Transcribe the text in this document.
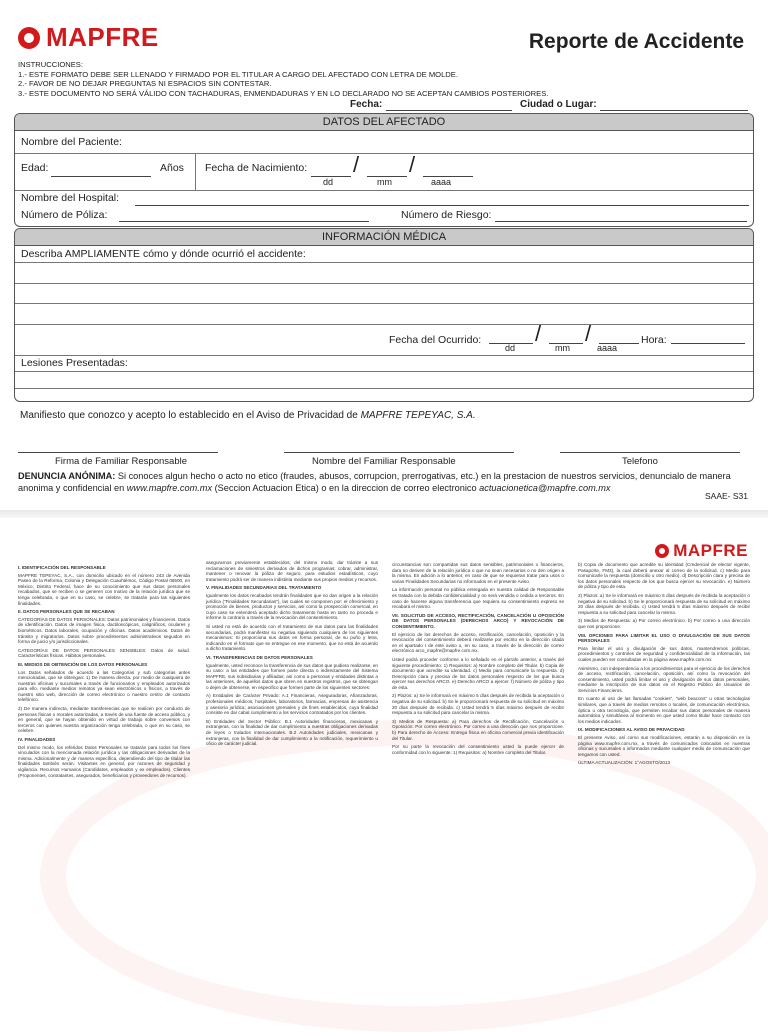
MAPFRE	Reporte de Accidente
INSTRUCCIONES:
1.- ESTE FORMATO DEBE SER LLENADO Y FIRMADO POR EL TITULAR A CARGO DEL AFECTADO CON LETRA DE MOLDE.
2.- FAVOR DE NO DEJAR PREGUNTAS NI ESPACIOS SIN CONTESTAR.
3.- ESTE DOCUMENTO NO SERÁ VÁLIDO CON TACHADURAS, ENMENDADURAS Y EN LO DECLARADO NO SE ACEPTAN CAMBIOS POSTERIORES.
Fecha:	Ciudad o Lugar:
DATOS DEL AFECTADO
Nombre del Paciente:
Edad:	Años Fecha de Nacimiento: / /
dd	mm	aaaa
Nombre del Hospital:
Número de Póliza:	Número de Riesgo:
INFORMACIÓN MÉDICA
Describa AMPLIAMENTE cómo y dónde ocurrió el accidente:
Fecha del Ocurrido: / /
dd	mm	aaaa
Hora:
Lesiones Presentadas:
Manifiesto que conozco y acepto lo establecido en el Aviso de Privacidad de MAPFRE TEPEYAC, S.A.
Firma de Familiar Responsable	Nombre del Familiar Responsable	Telefono
DENUNCIA ANÓNIMA: Si conoces algun hecho o acto no etico (fraudes, abusos, corrupcion, prerrogativas, etc.) en la prestacion de nuestros servicios, denuncialo de manera anonima y confidencial en www.mapfre.com.mx (Seccion Actuacion Etica) o en la direccion de correo electronico actuacionetica@mapfre.com.mx
SAAE- S31
MAPFRE
I. IDENTIFICACIÓN DEL RESPONSABLE

MAPFRE TEPEYAC, S.A., con domicilio ubicado en el número 243 de Avenida Paseo de la Reforma, Colonia y Delegación Cuauhtémoc, Código Postal 06500, en México, Distrito Federal, hace de su conocimiento que sus datos personales recabados, que se reciben o se generen con motivo de la relación jurídica que se tenga celebrada, o que en su caso, se celebre, se tratarán para las siguientes finalidades.

II. DATOS PERSONALES QUE SE RECABAN

CATEGORÍAS DE DATOS PERSONALES: Datos patrimoniales y financieros. Datos de identificación. Datos de imagen fisica, dactiloscópicos, caligráficos, oculares y biométricos. Datos laborales, ocupación y oficinas. Datos académicos. Datos de tránsito y migratorios. Datos sobre procedimientos administrativos seguidos en forma de juicio y/o jurisdiccionales.

CATEGORÍAS DE DATOS PERSONALES SENSIBLES: Datos de salud. Características físicas. Hábitos personales.

III. MEDIOS DE OBTENCIÓN DE LOS DATOS PERSONALES

Los Datos señalados de acuerdo a las Categorías y sub categorías antes mencionadas, que se obtengan: 1) De manera directa, por medio de cualquiera de nuestras oficinas y sucursales a través de funcionarios y empleados autorizados para ello, mediante medios remotos ya sean electrónicos o físicos, a través de nuestro sitio web, dirección de correo electrónico o nuestro centro de contacto telefónico.

2) De manera indirecta, mediante transferencias que se realicen por conducto de personas físicas o morales autorizadas, a través de una fuente de acceso público, y en general, que se hayan obtenido en virtud de trabajo sobre convenios con terceros con quienes nuestra organización tenga celebrada, o que en su caso, se celebre.

IV. FINALIDADES

Del mismo modo, los referidos Datos Personales se tratarán para todos los fines vinculados con la mencionada relación jurídica y las obligaciones derivadas de la misma. Adicionalmente y de manera específica, dependiendo del tipo de titular las finalidades también serán: Visitantes en general, por razones de seguridad y vigilancia. Recursos Humanos (Candidatos, empleados y ex empleados). Clientes (Proponentes, contratantes, asegurados, beneficiarios y proveedores de recursos).

asegurarnos previamente establecidos; del mismo modo, dar trámite a sus reclamaciones de siniestros derivados de dichos programas; cobrar, administrar, mantener o renovar la póliza de seguro, para estudios estadísticos, cuyo tratamiento podrá ser de manera indistinta mediante sus propios medios y recursos.

V. FINALIDADES SECUNDARIAS DEL TRATAMIENTO

Igualmente los datos recabados tendrán finalidades que no dan origen a la relación jurídica ("Finalidades Secundarias"), las cuales se componen por: el ofrecimiento y promoción de bienes, productos y servicios, así como la prospección comercial, en cuyo caso se entenderá aceptado dicho tratamiento hasta en tanto no proceda e informe lo contrario a través de la revocación del consentimiento.

Si usted no está de acuerdo con el tratamiento de sus datos para las finalidades secundarias, podrá manifestar su negativa siguiendo cualquiera de los siguientes mecanismos: Si proporciona sus datos en forma personal, de su puño y letra, indicando en el formato que se entregue en ese momento, que no está de acuerdo a dicho tratamiento.

VI. TRANSFERENCIAS DE DATOS PERSONALES

Igualmente, usted reconoce la transferencia de sus datos que pudiera realizarse, en su caso: a las entidades que formen parte directa o indirectamente del Sistema MAPFRE, sus subsidiarias y afiliadas; así como a personas y entidades distintas a las anteriores, de aquellos datos que obren en nuestros registros, que se obtengan o dejen de obtenerse, en especifico que formen parte de los siguientes sectores:

A) Entidades de Carácter Privado: A.1 Financieras, Aseguradoras, Afianzadoras, profesionales médicos, hospitales, laboratorios, farmacias, empresas de asistencia y asesoría jurídica; asociaciones gremiales y de fines establecidos, cuya finalidad consiste en dar cabal cumplimiento a los servicios contratados por los clientes.

B) Entidades del Sector Público: B.1 Autoridades financieras, mexicanas y extranjeras, con la finalidad de dar cumplimiento a nuestras obligaciones derivadas de leyes o tratados internacionales. B.2 Autoridades judiciales, mexicanas y extranjeras, con la finalidad de dar cumplimiento a la notificación, requerimiento u oficio de carácter judicial.

circunstancias son compartidas sus datos sensibles, patrimoniales o financieros, dara no deriven de la relación jurídica o que no sean necesarios o no den origen a la misma. En adición a lo anterior, en caso de que se requieran tratar para usos o varias Finalidades Secundarias no informados en el presente Aviso.

La información personal no pública entregada en nuestra calidad de Responsable es tratada con la debida confidencialidad y no será vendida o cedida a terceros. En caso de hacerse alguna transferencia que requiera su consentimiento expreso se recabará el mismo.

VII. SOLICITUD DE ACCESO, RECTIFICACIÓN, CANCELACIÓN U OPOSICIÓN DE DATOS PERSONALES (DERECHOS ARCO) Y REVOCACIÓN DE CONSENTIMIENTO.

El ejercicio de los derechos de acceso, rectificación, cancelación, oposición y la revocación del consentimiento deberá realizarse por escrito en la dirección citada en el apartado I de este aviso o, en su caso, a través de la dirección de correo electrónico arco_mapfre@mapfre.com.mx.

Usted podrá proceder conforme a lo señalado en el párrafo anterior, a través del siguiente procedimiento: 1) Requisitos: a) Nombre completo del Titular. b) Copia de documento que acredite su identidad. c) Medio para comunicarle la respuesta. d) Descripción clara y precisa de los datos personales respecto de los que busca ejercer sus derechos ARCO. e) Derecho ARCO a ejercer. f) Número de póliza y tipo de esta.

2) Plazos: a) Se le informará en máximo 5 días después de recibida la aceptación o negativa de su solicitud. b) Se le proporcionará respuesta de su solicitud en máximo 20 días después de recibida. c) Usted tendrá 5 días máximo después de recibir respuesta a su solicitud para cancelar la misma.

3) Medios de Respuesta: a) Para derechos de Rectificación, Cancelación u Oposición: Por correo electrónico. Por correo a una dirección que nos proporcione. b) Para derecho de Acceso: Entrega física en oficina comercial previa identificación del Titular.

Por su parte la revocación del consentimiento usted la puede ejercer de conformidad con lo siguiente: 1) Requisitos: a) Nombre completo del Titular.

b) Copia de documento que acredite su identidad (Credencial de elector vigente, Pasaporte, FM3), la cual deberá anexar al correo de la solicitud. c) Medio para comunicarle la respuesta (domicilio u otro medio). d) Descripción clara y precisa de los datos personales respecto de los que busca ejercer su revocación. e) Número de póliza y tipo de esta.

2) Plazos: a) Se le informará en máximo 5 días después de recibida la aceptación o negativa de su solicitud. b) Se le proporcionará respuesta de su solicitud en máximo 20 días después de recibida. c) Usted tendrá 5 días máximo después de recibir respuesta a su solicitud para cancelar la misma.

3) Medios de Respuesta: a) Por correo electrónico. b) Por correo a una dirección que nos proporcione.

VIII. OPCIONES PARA LIMITAR EL USO O DIVULGACIÓN DE SUS DATOS PERSONALES

Para limitar el uso y divulgación de sus datos, mantendremos políticas, procedimientos y controles de seguridad y confidencialidad de la información, las cuales pueden ser consultadas en la página www.mapfre.com.mx

Asimismo, con independencia a los procedimientos para el ejercicio de los derechos de acceso, rectificación, cancelación, oposición, así como la revocación del consentimiento, usted podrá limitar el uso y divulgación de sus datos personales, mediante la inscripción de sus datos en el Registro Público de Usuarios de Servicios Financieros.

En cuanto al uso de las llamadas "cookies", "web beacons" u otras tecnologías similares, que a través de medios remotos o locales, de comunicación electrónica, óptica u otra tecnología, que permiten recabar sus datos personales de manera automática y simultánea al momento en que usted como titular hace contacto con los medios indicados.

IX. MODIFICACIONES AL AVISO DE PRIVACIDAD

El presente Aviso, así como sus modificaciones, estarán a su disposición en la página www.mapfre.com.mx, a través de comunicados colocados en nuestras oficinas y sucursales o informados mediante cualquier medio de comunicación que tengamos con usted.

ÚLTIMA ACTUALIZACIÓN: 1°AGOSTO/2013
